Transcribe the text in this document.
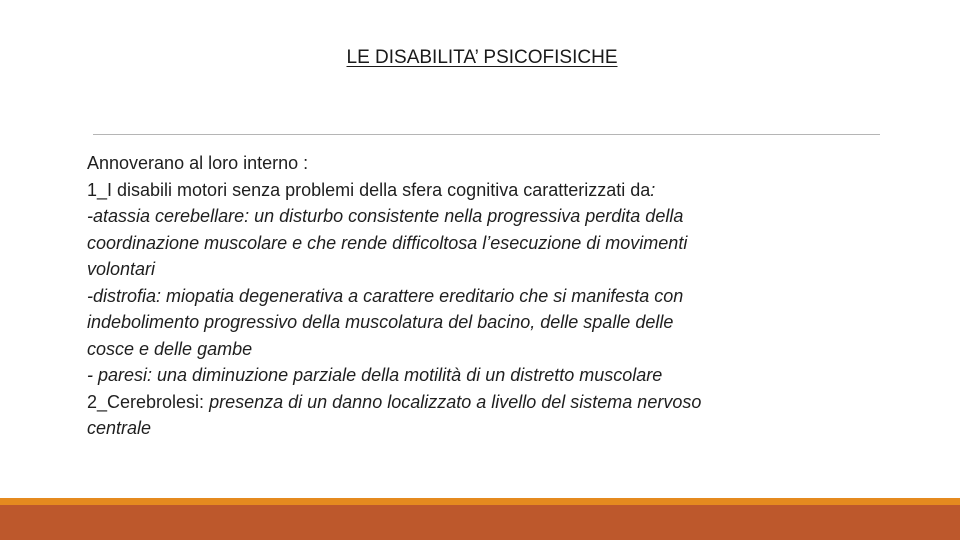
LE DISABILITA’ PSICOFISICHE
Annoverano al loro interno :
1_I disabili motori senza problemi della sfera cognitiva caratterizzati da:
-atassia cerebellare: un disturbo consistente nella progressiva perdita della
coordinazione muscolare e che rende difficoltosa l’esecuzione di movimenti
volontari
-distrofia: miopatia degenerativa a carattere ereditario che si manifesta con
indebolimento progressivo della muscolatura del bacino, delle spalle delle
cosce e delle gambe
- paresi: una diminuzione parziale della motilità di un distretto muscolare
2_Cerebrolesi: presenza di un danno localizzato a livello del sistema nervoso
centrale
